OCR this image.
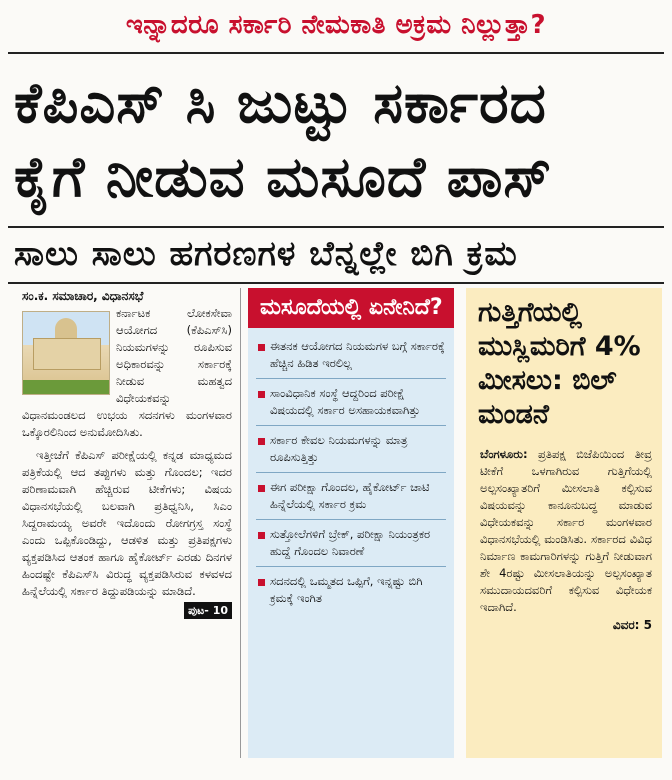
ಇನ್ನಾದರೂ ಸರ್ಕಾರಿ ನೇಮಕಾತಿ ಅಕ್ರಮ ನಿಲ್ಲುತ್ತಾ?
ಕೆಪಿಎಸ್ ಸಿ ಜುಟ್ಟು ಸರ್ಕಾರದ
ಕೈಗೆ ನೀಡುವ ಮಸೂದೆ ಪಾಸ್
ಸಾಲು ಸಾಲು ಹಗರಣಗಳ ಬೆನ್ನಲ್ಲೇ ಬಿಗಿ ಕ್ರಮ
ಸಂ.ಕ. ಸಮಾಚಾರ, ವಿಧಾನಸಭೆ

ಕರ್ನಾಟಕ ಲೋಕಸೇವಾ ಆಯೋಗದ (ಕೆಪಿಎಸ್‌ಸಿ) ನಿಯಮಗಳನ್ನು ರೂಪಿಸುವ ಅಧಿಕಾರವನ್ನು ಸರ್ಕಾರಕ್ಕೆ ನೀಡುವ ಮಹತ್ವದ ವಿಧೇಯಕವನ್ನು ವಿಧಾನಮಂಡಲದ ಉಭಯ ಸದನಗಳು ಮಂಗಳವಾರ ಒಕ್ಕೊರಲಿನಿಂದ ಅನುಮೋದಿಸಿತು.

ಇತ್ತೀಚೆಗೆ ಕೆಪಿಎಸ್ ಪರೀಕ್ಷೆಯಲ್ಲಿ ಕನ್ನಡ ಮಾಧ್ಯಮದ ಪತ್ರಿಕೆಯಲ್ಲಿ ಆದ ತಪ್ಪುಗಳು ಮತ್ತು ಗೊಂದಲ; ಇದರ ಪರಿಣಾಮವಾಗಿ ಹೆಚ್ಚಿರುವ ಟೀಕೆಗಳು; ವಿಷಯ ವಿಧಾನಸಭೆಯಲ್ಲಿ ಬಲವಾಗಿ ಪ್ರತಿಧ್ವನಿಸಿ, ಸಿಎಂ ಸಿದ್ದರಾಮಯ್ಯ ಅವರೇ ಇದೊಂದು ರೋಗಗ್ರಸ್ತ ಸಂಸ್ಥೆ ಎಂದು ಒಪ್ಪಿಕೊಂಡಿದ್ದು, ಆಡಳಿತ ಮತ್ತು ಪ್ರತಿಪಕ್ಷಗಳು ವ್ಯಕ್ತಪಡಿಸಿದ ಆತಂಕ ಹಾಗೂ ಹೈಕೋರ್ಟ್ ಎರಡು ದಿನಗಳ ಹಿಂದಷ್ಟೇ ಕೆಪಿಎಸ್‌ಸಿ ವಿರುದ್ಧ ವ್ಯಕ್ತಪಡಿಸಿರುವ ಕಳವಳದ ಹಿನ್ನೆಲೆಯಲ್ಲಿ ಸರ್ಕಾರ ತಿದ್ದುಪಡಿಯನ್ನು ಮಾಡಿದೆ.

ಪುಟ- 10
ಮಸೂದೆಯಲ್ಲಿ ಏನೇನಿದೆ?
ಈತನಕ ಆಯೋಗದ ನಿಯಮಗಳ ಬಗ್ಗೆ ಸರ್ಕಾರಕ್ಕೆ ಹೆಚ್ಚಿನ ಹಿಡಿತ ಇರಲಿಲ್ಲ
ಸಾಂವಿಧಾನಿಕ ಸಂಸ್ಥೆ ಆದ್ದರಿಂದ ಪರೀಕ್ಷೆ ವಿಷಯದಲ್ಲಿ ಸರ್ಕಾರ ಅಸಹಾಯಕವಾಗಿತ್ತು
ಸರ್ಕಾರ ಕೇವಲ ನಿಯಮಗಳನ್ನು ಮಾತ್ರ ರೂಪಿಸುತ್ತಿತ್ತು
ಈಗ ಪರೀಕ್ಷಾ ಗೊಂದಲ, ಹೈಕೋರ್ಟ್ ಚಾಟಿ ಹಿನ್ನೆಲೆಯಲ್ಲಿ ಸರ್ಕಾರ ಕ್ರಮ
ಸುತ್ತೋಲೆಗಳಿಗೆ ಬ್ರೇಕ್, ಪರೀಕ್ಷಾ ನಿಯಂತ್ರಕರ ಹುದ್ದೆ ಗೊಂದಲ ನಿವಾರಣೆ
ಸದನದಲ್ಲಿ ಒಮ್ಮತದ ಒಪ್ಪಿಗೆ, ಇನ್ನಷ್ಟು ಬಿಗಿ ಕ್ರಮಕ್ಕೆ ಇಂಗಿತ
ಗುತ್ತಿಗೆಯಲ್ಲಿ ಮುಸ್ಲಿಮರಿಗೆ 4% ಮೀಸಲು: ಬಿಲ್ ಮಂಡನೆ
ಬೆಂಗಳೂರು: ಪ್ರತಿಪಕ್ಷ ಬಿಜೆಪಿಯಿಂದ ತೀವ್ರ ಟೀಕೆಗೆ ಒಳಗಾಗಿರುವ ಗುತ್ತಿಗೆಯಲ್ಲಿ ಅಲ್ಪಸಂಖ್ಯಾತರಿಗೆ ಮೀಸಲಾತಿ ಕಲ್ಪಿಸುವ ವಿಷಯವನ್ನು ಕಾನೂನುಬದ್ಧ ಮಾಡುವ ವಿಧೇಯಕವನ್ನು ಸರ್ಕಾರ ಮಂಗಳವಾರ ವಿಧಾನಸಭೆಯಲ್ಲಿ ಮಂಡಿಸಿತು. ಸರ್ಕಾರದ ವಿವಿಧ ನಿರ್ಮಾಣ ಕಾಮಗಾರಿಗಳನ್ನು ಗುತ್ತಿಗೆ ನೀಡುವಾಗ ಶೇ 4ರಷ್ಟು ಮೀಸಲಾತಿಯನ್ನು ಅಲ್ಪಸಂಖ್ಯಾತ ಸಮುದಾಯದವರಿಗೆ ಕಲ್ಪಿಸುವ ವಿಧೇಯಕ ಇದಾಗಿದೆ.
ವಿವರ: 5
